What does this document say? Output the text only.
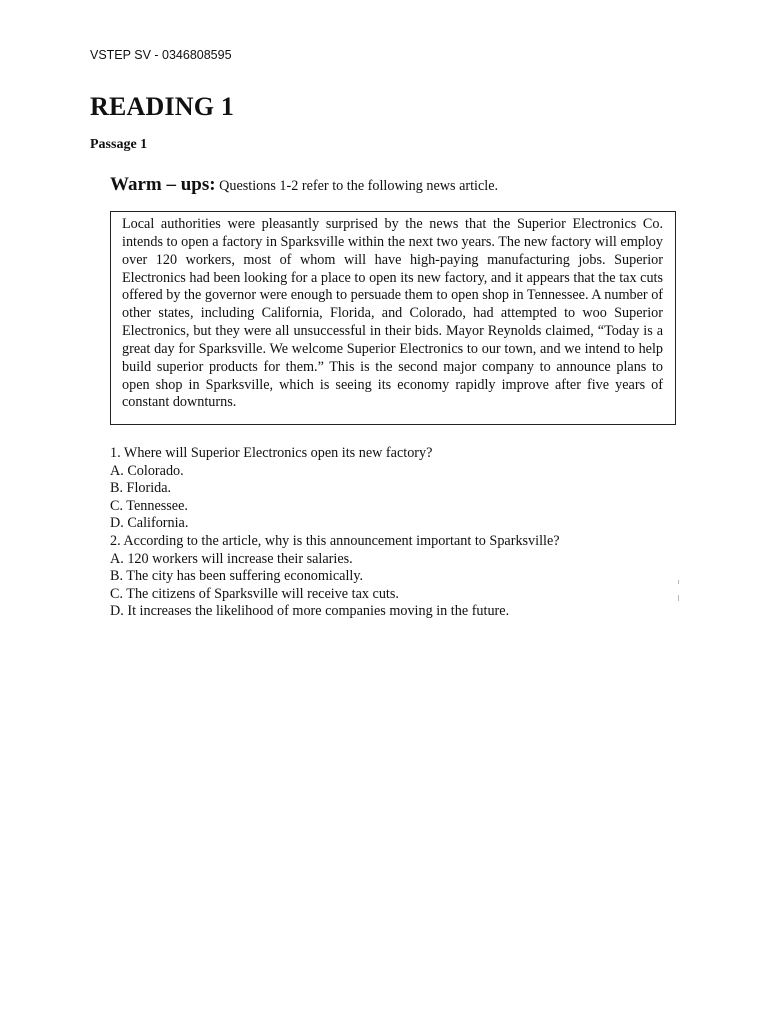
VSTEP SV - 0346808595
READING 1
Passage 1
Warm – ups: Questions 1-2 refer to the following news article.
Local authorities were pleasantly surprised by the news that the Superior Electronics Co. intends to open a factory in Sparksville within the next two years. The new factory will employ over 120 workers, most of whom will have high-paying manufacturing jobs. Superior Electronics had been looking for a place to open its new factory, and it appears that the tax cuts offered by the governor were enough to persuade them to open shop in Tennessee. A number of other states, including California, Florida, and Colorado, had attempted to woo Superior Electronics, but they were all unsuccessful in their bids. Mayor Reynolds claimed, “Today is a great day for Sparksville. We welcome Superior Electronics to our town, and we intend to help build superior products for them.” This is the second major company to announce plans to open shop in Sparksville, which is seeing its economy rapidly improve after five years of constant downturns.
1. Where will Superior Electronics open its new factory?
A. Colorado.
B. Florida.
C. Tennessee.
D. California.
2. According to the article, why is this announcement important to Sparksville?
A. 120 workers will increase their salaries.
B. The city has been suffering economically.
C. The citizens of Sparksville will receive tax cuts.
D. It increases the likelihood of more companies moving in the future.
